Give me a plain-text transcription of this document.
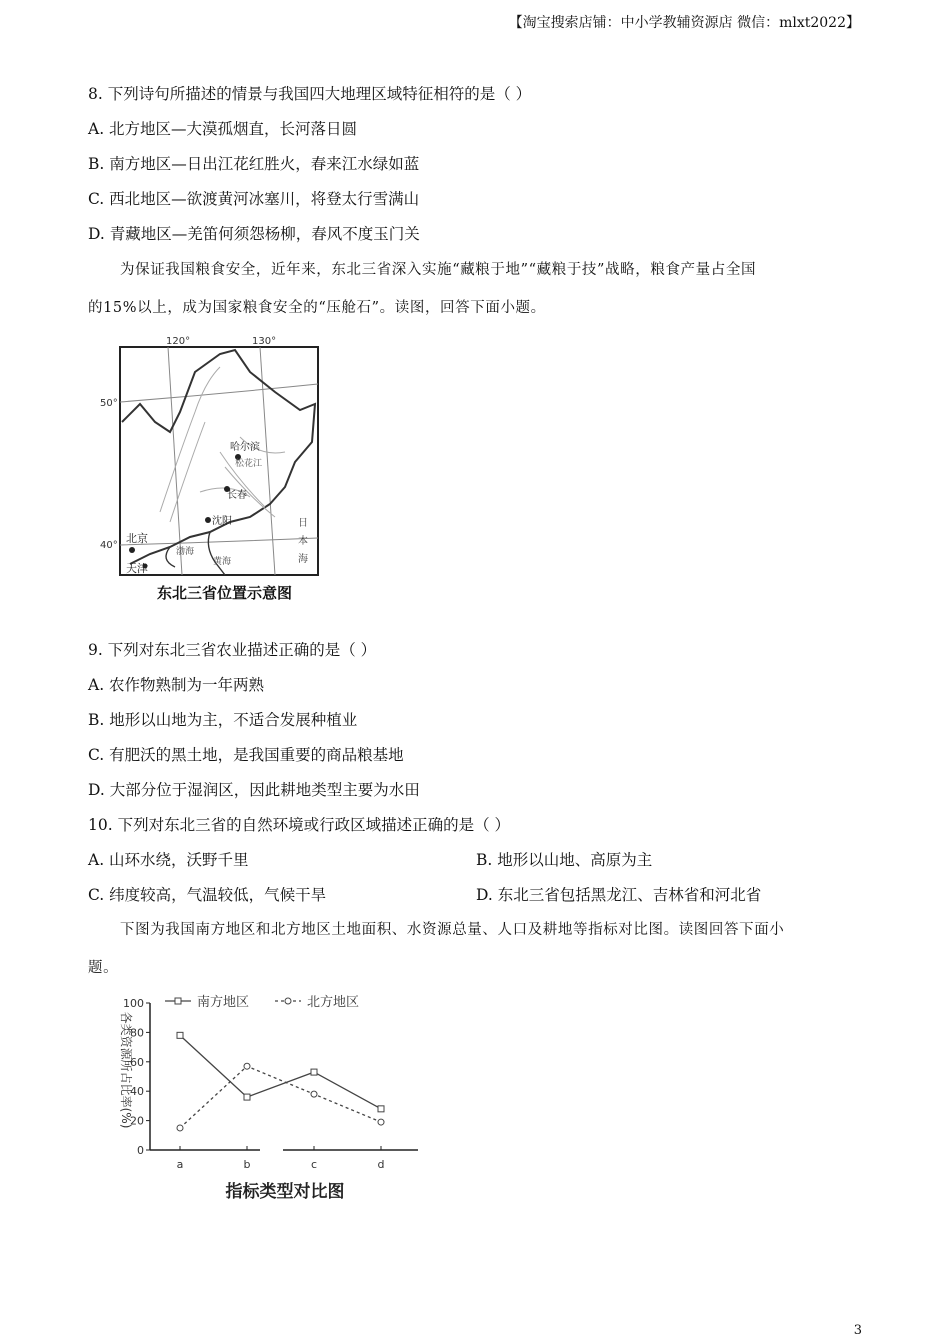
【淘宝搜索店铺：中小学教辅资源店 微信：mlxt2022】
8. 下列诗句所描述的情景与我国四大地理区域特征相符的是（ ）
A. 北方地区—大漠孤烟直，长河落日圆
B. 南方地区—日出江花红胜火，春来江水绿如蓝
C. 西北地区—欲渡黄河冰塞川，将登太行雪满山
D. 青藏地区—羌笛何须怨杨柳，春风不度玉门关
为保证我国粮食安全，近年来，东北三省深入实施“藏粮于地”“藏粮于技”战略，粮食产量占全国
的15%以上，成为国家粮食安全的“压舱石”。读图，回答下面小题。
120°	130°
50°
40°
哈尔滨
松花江
长春
沈阳
北京
天津
渤海
黄海
日
本
海
东北三省位置示意图
9. 下列对东北三省农业描述正确的是（ ）
A. 农作物熟制为一年两熟
B. 地形以山地为主，不适合发展种植业
C. 有肥沃的黑土地，是我国重要的商品粮基地
D. 大部分位于湿润区，因此耕地类型主要为水田
10. 下列对东北三省的自然环境或行政区域描述正确的是（ ）
A. 山环水绕，沃野千里	B. 地形以山地、高原为主
C. 纬度较高，气温较低，气候干旱	D. 东北三省包括黑龙江、吉林省和河北省
下图为我国南方地区和北方地区土地面积、水资源总量、人口及耕地等指标对比图。读图回答下面小
题。
各类资源所占比率(%)
0
20
40
60
80
100
a	b	c	d
南方地区	北方地区
指标类型对比图
3
